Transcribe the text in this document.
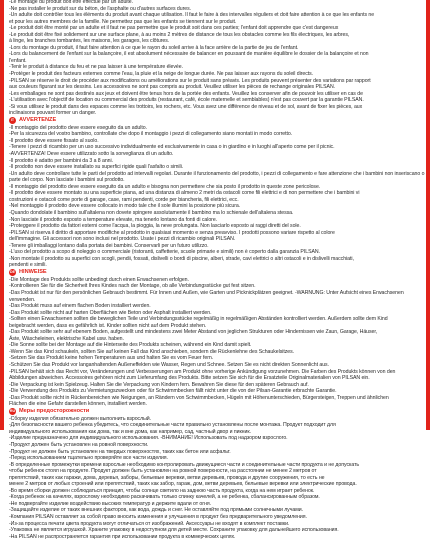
-Le montage du produit doit être effectué par un adulte.
-Ne pas installer le produit sur du béton, de l'asphalte ou d'autres surfaces dures.
-Un adulte doit contrôler tous les éléments du produit avant chaque utilisation. Il faut le faire à des intervalles réguliers et doit faire attention à ce que les enfants ne
et pour les autres membres de la famille. Ne permettez pas que les enfants se tiennent sur le produit.
-Le produit doit être monté par un adulte et il faut ne pas permettre que le produit soit dans ces parties; l'enfant doit apprendre que c'est dangereux
-Le produit doit être fixé solidement sur une surface plane, à au moins 2 mètres de distance de tous les obstacles comme les fils électriques, les arbres,
à linge, les branches tombantes, les maisons, les garages, les clôtures.
-Lors du montage du produit, il faut faire attention à ce que le rayon du soleil arrive à la face arrière de la partie de jeu de l'enfant.
-Lors du balancement de l'enfant sur la balançoire, il est absolument nécessaire de balancer en poussant de manière équilibre le dossier de la balançoire et non
l'enfant.
-Tenir le produit à distance du feu et ne pas laisser à une température élevée.
-Protéger le produit des facteurs externes comme l'eau, la pluie et la neige de longue durée. Ne pas laisser aux rayons du soleil directs.
-PILSAN se réserve le droit de procéder aux modifications ou améliorations sur le produit sans préavis. Les produits peuvent présenter des variations par rapport
aux couleurs figurant sur les dessins. Les accessoires ne sont pas compris au produit. Veuillez utiliser les pièces de rechange originales PILSAN.
-Les emballages ne sont pas destinés aux jeux et doivent être tenus hors de la portée des enfants. Veuillez les conserver afin de pouvoir les utiliser en cas de
-L'utilisation avec l'objectif de location ou commercial des produits (restaurant, café, école maternelle et semblables) n'est pas couvert par la garantie PILSAN.
-Si vous utilisez le produit dans des espaces comme les trottoirs, les rochers, etc. Vous avez une différence de niveau et de sol, avant de fixer les pièces, aux
inclinaisons pouvant former un danger.
IT AVVERTENZE
-Il montaggio del prodotto deve essere eseguito da un adulto.
-Per la sicurezza del vostro bambino, controllate che dopo il montaggio i pezzi di collegamento siano montati in modo corretto.
-Il prodotto deve essere fissato al suolo.
-Tenere i pezzi di ricambio per un uso successivo individualmente ed esclusivamente in casa o in giardino e in luoghi all'aperto come per il picnic.
-AVVERTENZA! Deve essere utilizzato sotto la sorveglianza di un adulto.
-Il prodotto è adatto per bambini da 3 a 8 anni.
-Il prodotto non deve essere installato su superfici rigide quali l'asfalto o simili.
-Un adulto deve controllare tutte le parti del prodotto ad intervalli regolari. Durante il funzionamento del prodotto, i pezzi di collegamento e fare attenzione che i bambini non inseriscano o
parte del corpo. Non lasciate i bambini sul prodotto.
-Il montaggio del prodotto deve essere eseguito da un adulto e bisogna non permettere che sia posto il prodotto in queste zone pericolose.
-Il prodotto deve essere montato su una superficie piana, ad una distanza di almeno 2 metri da ostacoli come fili elettrici e di non permettere che i bambini vi
costruzioni e ostacoli come porte di garage, case, rami pendenti, corde per biancheria, fili elettrici, ecc.
-Nel montaggio il prodotto deve essere collocato in modo tale che il sole illumini la posizione più sicura.
-Quando dondolate il bambino sull'altalena non dovete spingere assolutamente il bambino ma lo schienale dell'altalena stessa.
-Non lasciate il prodotto esposto a temperature elevate, ma tenerlo lontano da fonti di calore.
-Proteggere il prodotto da fattori esterni come l'acqua, la pioggia, la neve prolungata. Non lasciarlo esposto ai raggi diretti del sole.
-PILSAN si riserva il diritto di apportare modifiche al prodotto in qualsiasi momento e senza preavviso. I prodotti possono variare rispetto al colore
dell'immagine. Gli accessori non sono inclusi nel prodotto. Usate i pezzi di ricambio originali PILSAN.
-Tenere gli imballaggi lontano dalla portata dei bambini. Conservarli per un futuro utilizzo.
-L'uso del prodotto a scopo di noleggio o commerciale (ristoranti, caffetterie, scuole primarie e simili) non è coperto dalla garanzia PILSAN.
-Non montate il prodotto su superfici con scogli, pendii, fossati, dislivelli o bordi di piscine, alberi, strade, cavi elettrici o altri ostacoli e in dislivelli macchiati,
pendenti e simili.
DE HINWEISE
-Die Montage des Produkts sollte unbedingt durch einen Erwachsenen erfolgen.
-Kontrollieren Sie für die Sicherheit Ihres Kindes nach der Montage, ob alle Verbindungsstücke gut fest sitzen.
-Das Produkt ist nur für den persönlichen Gebrauch bestimmt. Für Innen und Außen, wie Garten und Picknickplätzen geeignet. -WARNUNG: Unter Aufsicht eines Erwachsenen
verwenden.
-Das Produkt muss auf einem flachen Boden installiert werden.
-Das Produkt sollte nicht auf harten Oberflächen wie Beton oder Asphalt installiert werden.
-Sollten einen Erwachsenen sollten die beweglichen Teile und Verbindungsstücke regelmäßig in regelmäßigen Abständen kontrolliert werden. Außerdem sollte dem Kind
beigebracht werden, dass es gefährlich ist. Kinder sollten nicht auf dem Produkt stehen.
-Das Produkt sollte sehr auf ebenem Boden, aufgestellt und mindestens zwei Meter Abstand von jeglichen Strukturen oder Hindernissen wie Zaun, Garage, Häuser,
Äste, Wäscheleinen, elektrische Kabel usw. haben.
-Die Sonne sollte bei der Montage auf die Hinterseite des Produkts scheinen, während ein Kind damit spielt.
-Wenn Sie das Kind schaukeln, sollten Sie auf keinen Fall das Kind anschieben, sondern die Rückenlehne des Schaukelsitzes.
-Setzen Sie das Produkt keine hohen Temperaturen aus und halten Sie es vom Feuer fern.
-Schützen Sie das Produkt vor langanhaltenden Außeneffekten wie Wasser, Regen und Schnee. Setzen Sie es nicht direkten Sonnenlicht aus.
-PILSAN behält sich das Recht vor, Veränderungen und Verbesserungen am Produkt ohne vorherige Ankündigung vorzunehmen. Die Farben des Produkts können von den
Abbildungen abweichen. Accessoires gehören nicht zum Lieferumfang des Produkts. Bitte setzen Sie sich für die Ersatzteile Originalmaterialien von PILSAN ein.
-Die Verpackung ist kein Spielzeug. Halten Sie die Verpackung von Kindern fern. Bewahren Sie diese für den späteren Gebrauch auf.
-Die Verwendung des Produkts zu Vermietungszwecken oder für Schwimmbecken fällt nicht unter die von der Pilsan-Garantie erbrachte Garantie.
-Das Produkt sollte nicht in Rückenbereichen wie Neigungen, an Rändern von Schwimmbecken, Hügeln mit Höhenunterschieden, Bürgersteigen, Treppen und ähnlichen
Flächen die eine Gefahr darstellen können, installiert werden.
RU Меры предосторожности
-Сборку изделия обязательно должен выполнить взрослый.
-Для безопасности вашего ребенка убедитесь, что соединительные части правильно установлены после монтажа. Продукт подходит для
индивидуального использования как дома, так и вне дома, как например, сад, частный двор и пикник.
-Изделие предназначено для индивидуального использования. -ВНИМАНИЕ! Использовать под надзором взрослого.
-Продукт должен быть установлен на ровной поверхности.
-Продукт не должен быть установлен на твердых поверхностях, таких как бетон или асфальт.
-Перед использованием тщательно проверяйте все части изделия.
-В определенные промежутки времени взрослые необходимо контролировать движущиеся части и соединительные части продукта и не допускать
чтобы ребенок стоял на продукте. Продукт должен быть установлен на ровной поверхности, на расстоянии не менее 2 метров от
препятствий, таких как гаражи, дома, деревья, заборы, бельевые веревки, ветви деревьев, провода и другие сооружения, то есть не
менее 2 метров от любых строений или препятствий, таких как забор, гараж, дом, ветви деревьев, бельевые веревки или электрические провода.
-Во время сборки должен соблюдаться принцип, чтобы солнце светило на заднюю часть продукта, когда на нем играет ребенок.
-Когда ребенок на качелях, взрослому необходимо раскачивать только спинку качелей, а не ребенка, сбалансированным образом.
-Не подвергайте изделие воздействию высоких температур и держите вдали от огня.
-Защищайте изделие от таких внешних факторов, как вода, дождь и снег. Не оставляйте под прямыми солнечными лучами.
-Компания PILSAN оставляет за собой право вносить изменения и улучшения в продукт без предварительного уведомления.
-Из-за процесса печати цвета продукта могут отличаться от изображений. Аксессуары не входят в комплект поставки.
-Упаковка не является игрушкой. Храните упаковку в недоступном для детей месте. Сохраните упаковку для дальнейшего использования.
-На PILSAN не распространяется гарантия при использовании продукта в коммерческих целях.
